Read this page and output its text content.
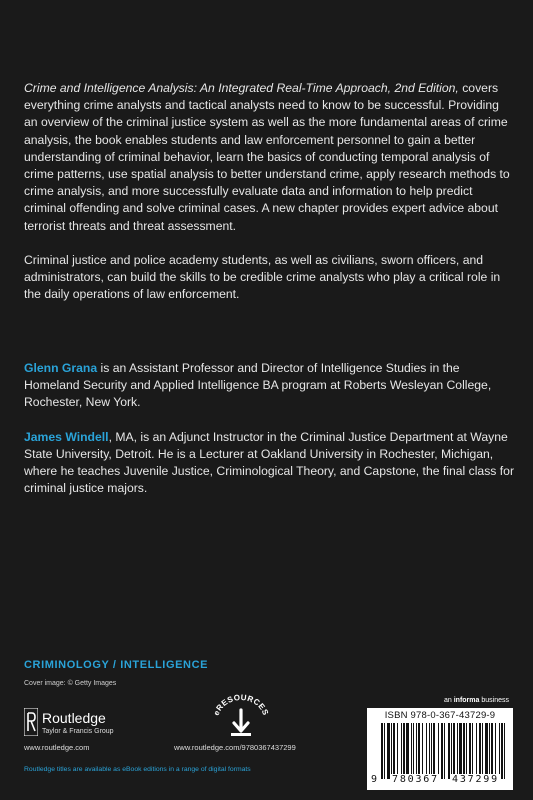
Crime and Intelligence Analysis: An Integrated Real-Time Approach, 2nd Edition, covers everything crime analysts and tactical analysts need to know to be successful. Providing an overview of the criminal justice system as well as the more fundamental areas of crime analysis, the book enables students and law enforcement personnel to gain a better understanding of criminal behavior, learn the basics of conducting temporal analysis of crime patterns, use spatial analysis to better understand crime, apply research methods to crime analysis, and more successfully evaluate data and information to help predict criminal offending and solve criminal cases. A new chapter provides expert advice about terrorist threats and threat assessment.

Criminal justice and police academy students, as well as civilians, sworn officers, and administrators, can build the skills to be credible crime analysts who play a critical role in the daily operations of law enforcement.

Glenn Grana is an Assistant Professor and Director of Intelligence Studies in the Homeland Security and Applied Intelligence BA program at Roberts Wesleyan College, Rochester, New York.

James Windell, MA, is an Adjunct Instructor in the Criminal Justice Department at Wayne State University, Detroit. He is a Lecturer at Oakland University in Rochester, Michigan, where he teaches Juvenile Justice, Criminological Theory, and Capstone, the final class for criminal justice majors.

CRIMINOLOGY / INTELLIGENCE
Cover image: © Getty Images
Routledge
Taylor & Francis Group
www.routledge.com
eRESOURCES
www.routledge.com/9780367437299
Routledge titles are available as eBook editions in a range of digital formats
an informa business
ISBN 978-0-367-43729-9
9 780367 437299
